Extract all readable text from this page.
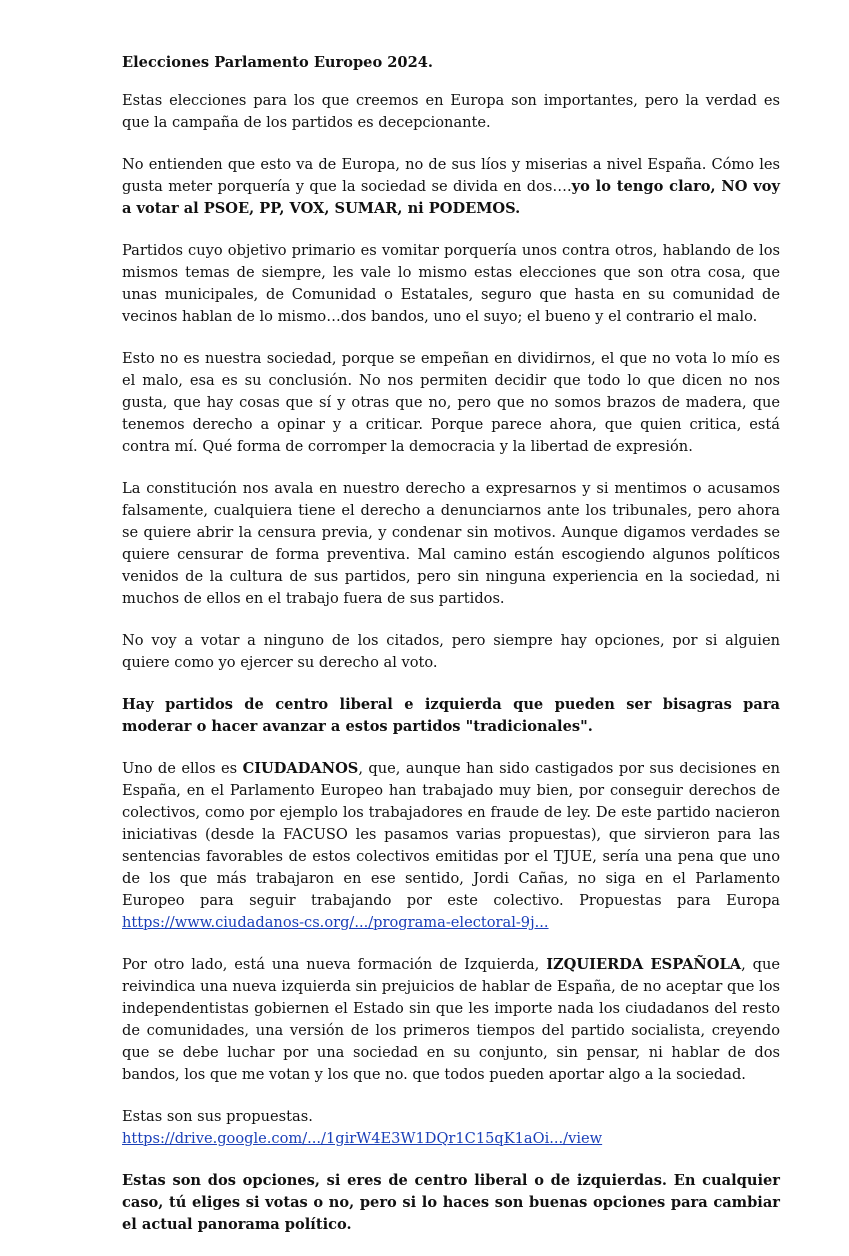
Elecciones Parlamento Europeo 2024.

Estas elecciones para los que creemos en Europa son importantes, pero la verdad es que la campaña de los partidos es decepcionante.

No entienden que esto va de Europa, no de sus líos y miserias a nivel España. Cómo les gusta meter porquería y que la sociedad se divida en dos….yo lo tengo claro, NO voy a votar al PSOE, PP, VOX, SUMAR, ni PODEMOS.

Partidos cuyo objetivo primario es vomitar porquería unos contra otros, hablando de los mismos temas de siempre, les vale lo mismo estas elecciones que son otra cosa, que unas municipales, de Comunidad o Estatales, seguro que hasta en su comunidad de vecinos hablan de lo mismo…dos bandos, uno el suyo; el bueno y el contrario el malo.

Esto no es nuestra sociedad, porque se empeñan en dividirnos, el que no vota lo mío es el malo, esa es su conclusión. No nos permiten decidir que todo lo que dicen no nos gusta, que hay cosas que sí y otras que no, pero que no somos brazos de madera, que tenemos derecho a opinar y a criticar. Porque parece ahora, que quien critica, está contra mí. Qué forma de corromper la democracia y la libertad de expresión.

La constitución nos avala en nuestro derecho a expresarnos y si mentimos o acusamos falsamente, cualquiera tiene el derecho a denunciarnos ante los tribunales, pero ahora se quiere abrir la censura previa, y condenar sin motivos. Aunque digamos verdades se quiere censurar de forma preventiva. Mal camino están escogiendo algunos políticos venidos de la cultura de sus partidos, pero sin ninguna experiencia en la sociedad, ni muchos de ellos en el trabajo fuera de sus partidos.

No voy a votar a ninguno de los citados, pero siempre hay opciones, por si alguien quiere como yo ejercer su derecho al voto.

Hay partidos de centro liberal e izquierda que pueden ser bisagras para moderar o hacer avanzar a estos partidos "tradicionales".

Uno de ellos es CIUDADANOS, que, aunque han sido castigados por sus decisiones en España, en el Parlamento Europeo han trabajado muy bien, por conseguir derechos de colectivos, como por ejemplo los trabajadores en fraude de ley. De este partido nacieron iniciativas (desde la FACUSO les pasamos varias propuestas), que sirvieron para las sentencias favorables de estos colectivos emitidas por el TJUE, sería una pena que uno de los que más trabajaron en ese sentido, Jordi Cañas, no siga en el Parlamento Europeo para seguir trabajando por este colectivo. Propuestas para Europa https://www.ciudadanos-cs.org/.../programa-electoral-9j...

Por otro lado, está una nueva formación de Izquierda, IZQUIERDA ESPAÑOLA, que reivindica una nueva izquierda sin prejuicios de hablar de España, de no aceptar que los independentistas gobiernen el Estado sin que les importe nada los ciudadanos del resto de comunidades, una versión de los primeros tiempos del partido socialista, creyendo que se debe luchar por una sociedad en su conjunto, sin pensar, ni hablar de dos bandos, los que me votan y los que no. que todos pueden aportar algo a la sociedad.

Estas son sus propuestas. https://drive.google.com/.../1girW4E3W1DQr1C15qK1aOi.../view

Estas son dos opciones, si eres de centro liberal o de izquierdas. En cualquier caso, tú eliges si votas o no, pero si lo haces son buenas opciones para cambiar el actual panorama político.
